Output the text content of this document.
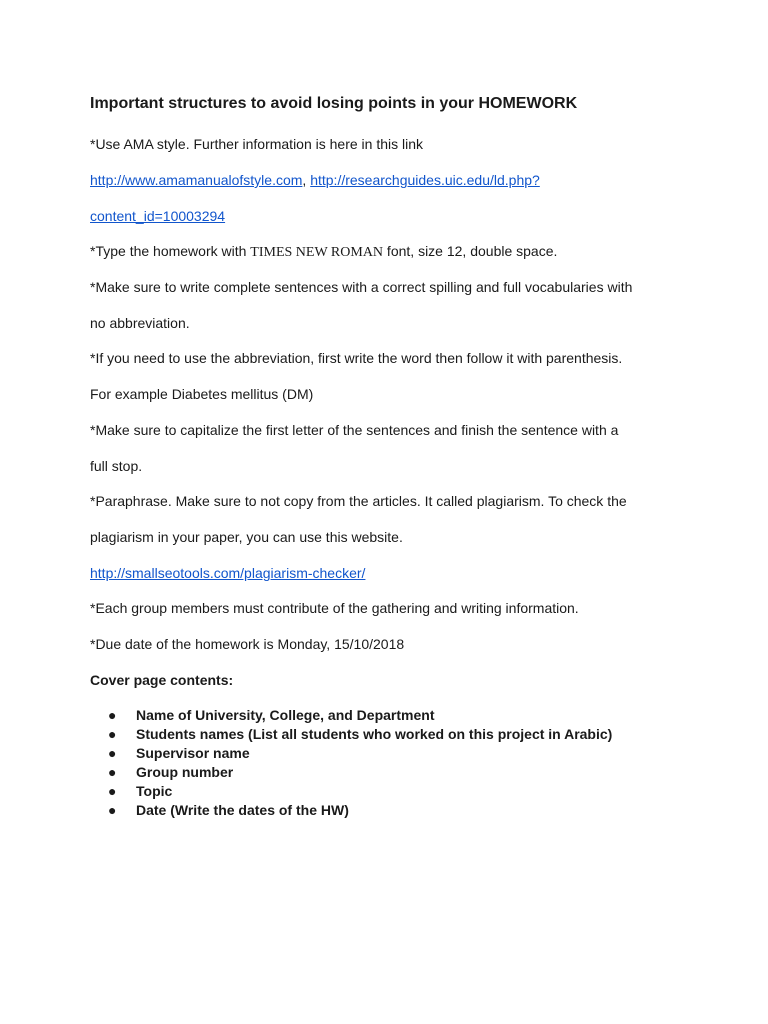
Important structures to avoid losing points in your HOMEWORK
*Use AMA style. Further information is here in this link
http://www.amamanualofstyle.com, http://researchguides.uic.edu/ld.php?
content_id=10003294
*Type the homework with TIMES NEW ROMAN font, size 12, double space.
*Make sure to write complete sentences with a correct spilling and full vocabularies with
no abbreviation.
*If you need to use the abbreviation, first write the word then follow it with parenthesis.
For example Diabetes mellitus (DM)
*Make sure to capitalize the first letter of the sentences and finish the sentence with a
full stop.
*Paraphrase. Make sure to not copy from the articles. It called plagiarism. To check the
plagiarism in your paper, you can use this website.
http://smallseotools.com/plagiarism-checker/
*Each group members must contribute of the gathering and writing information.
*Due date of the homework is Monday, 15/10/2018
Cover page contents:
● Name of University, College, and Department
● Students names (List all students who worked on this project in Arabic)
● Supervisor name
● Group number
● Topic
● Date (Write the dates of the HW)
